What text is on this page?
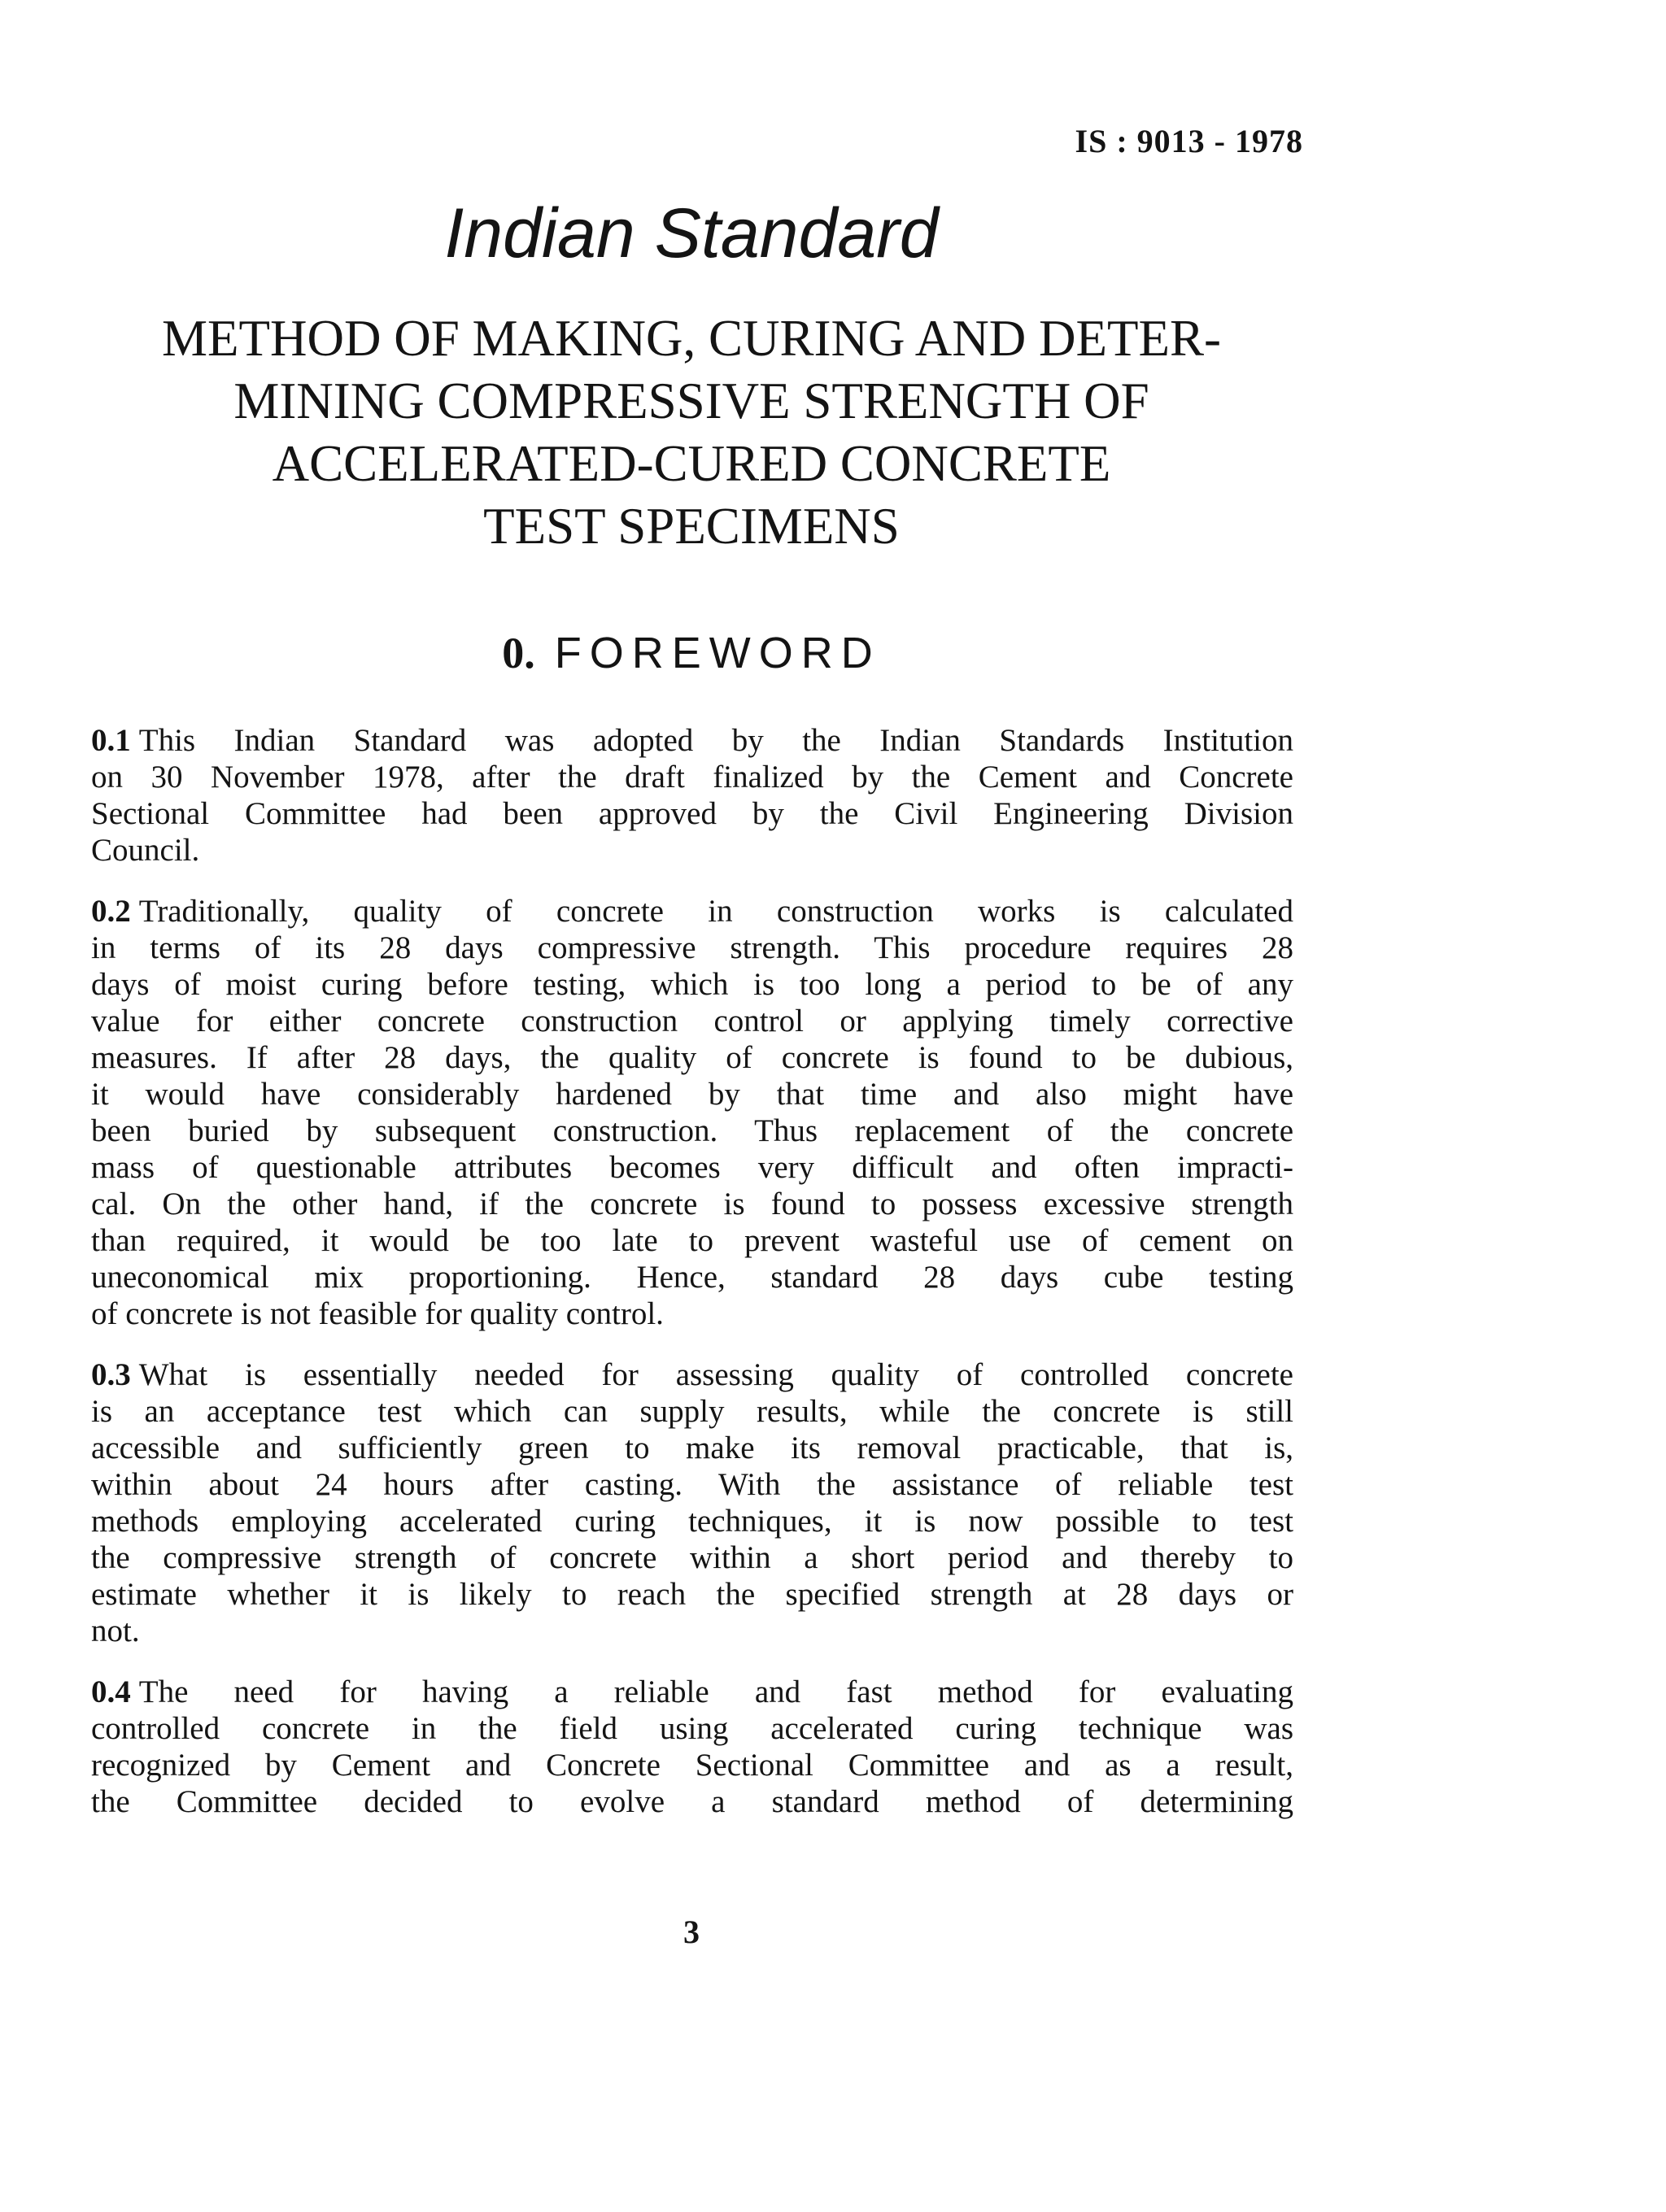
IS : 9013 - 1978
Indian Standard
METHOD OF MAKING, CURING AND DETER-
MINING COMPRESSIVE STRENGTH OF
ACCELERATED-CURED CONCRETE
TEST SPECIMENS
0. FOREWORD
0.1 This Indian Standard was adopted by the Indian Standards Institution
on 30 November 1978, after the draft finalized by the Cement and Concrete
Sectional Committee had been approved by the Civil Engineering Division
Council.
0.2 Traditionally, quality of concrete in construction works is calculated
in terms of its 28 days compressive strength. This procedure requires 28
days of moist curing before testing, which is too long a period to be of any
value for either concrete construction control or applying timely corrective
measures. If after 28 days, the quality of concrete is found to be dubious,
it would have considerably hardened by that time and also might have
been buried by subsequent construction. Thus replacement of the concrete
mass of questionable attributes becomes very difficult and often impracti-
cal. On the other hand, if the concrete is found to possess excessive strength
than required, it would be too late to prevent wasteful use of cement on
uneconomical mix proportioning. Hence, standard 28 days cube testing
of concrete is not feasible for quality control.
0.3 What is essentially needed for assessing quality of controlled concrete
is an acceptance test which can supply results, while the concrete is still
accessible and sufficiently green to make its removal practicable, that is,
within about 24 hours after casting. With the assistance of reliable test
methods employing accelerated curing techniques, it is now possible to test
the compressive strength of concrete within a short period and thereby to
estimate whether it is likely to reach the specified strength at 28 days or
not.
0.4 The need for having a reliable and fast method for evaluating
controlled concrete in the field using accelerated curing technique was
recognized by Cement and Concrete Sectional Committee and as a result,
the Committee decided to evolve a standard method of determining
3
